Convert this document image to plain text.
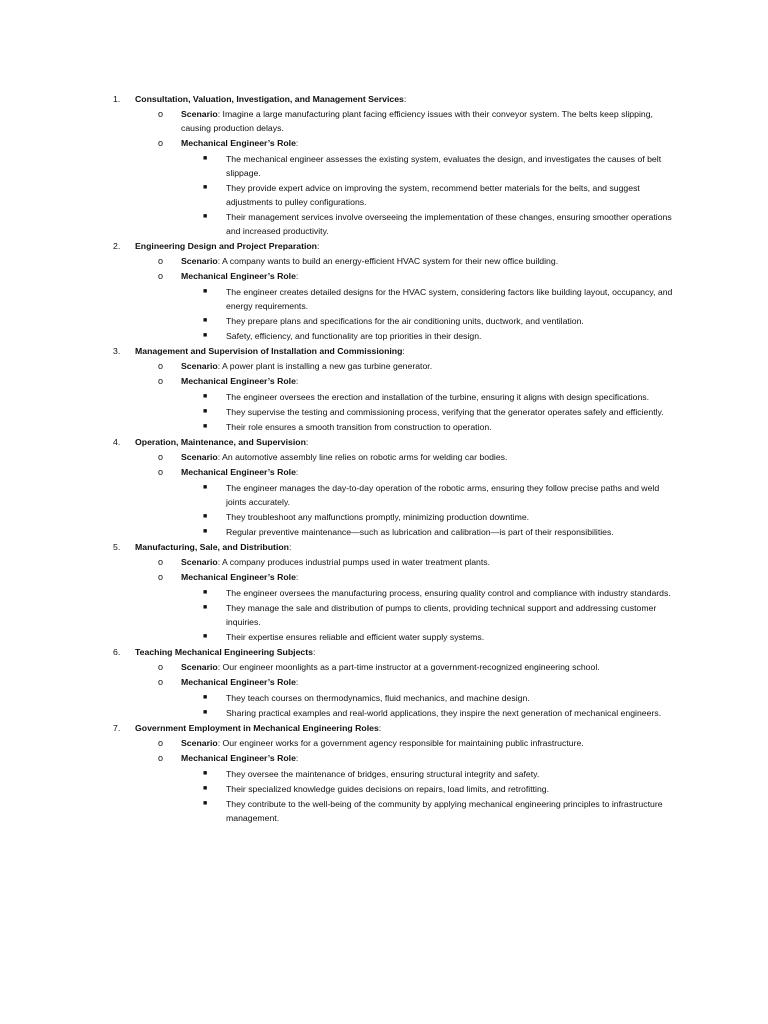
1. Consultation, Valuation, Investigation, and Management Services:
o Scenario: Imagine a large manufacturing plant facing efficiency issues with their conveyor system. The belts keep slipping, causing production delays.
o Mechanical Engineer’s Role:
■ The mechanical engineer assesses the existing system, evaluates the design, and investigates the causes of belt slippage.
■ They provide expert advice on improving the system, recommend better materials for the belts, and suggest adjustments to pulley configurations.
■ Their management services involve overseeing the implementation of these changes, ensuring smoother operations and increased productivity.
2. Engineering Design and Project Preparation:
o Scenario: A company wants to build an energy-efficient HVAC system for their new office building.
o Mechanical Engineer’s Role:
■ The engineer creates detailed designs for the HVAC system, considering factors like building layout, occupancy, and energy requirements.
■ They prepare plans and specifications for the air conditioning units, ductwork, and ventilation.
■ Safety, efficiency, and functionality are top priorities in their design.
3. Management and Supervision of Installation and Commissioning:
o Scenario: A power plant is installing a new gas turbine generator.
o Mechanical Engineer’s Role:
■ The engineer oversees the erection and installation of the turbine, ensuring it aligns with design specifications.
■ They supervise the testing and commissioning process, verifying that the generator operates safely and efficiently.
■ Their role ensures a smooth transition from construction to operation.
4. Operation, Maintenance, and Supervision:
o Scenario: An automotive assembly line relies on robotic arms for welding car bodies.
o Mechanical Engineer’s Role:
■ The engineer manages the day-to-day operation of the robotic arms, ensuring they follow precise paths and weld joints accurately.
■ They troubleshoot any malfunctions promptly, minimizing production downtime.
■ Regular preventive maintenance—such as lubrication and calibration—is part of their responsibilities.
5. Manufacturing, Sale, and Distribution:
o Scenario: A company produces industrial pumps used in water treatment plants.
o Mechanical Engineer’s Role:
■ The engineer oversees the manufacturing process, ensuring quality control and compliance with industry standards.
■ They manage the sale and distribution of pumps to clients, providing technical support and addressing customer inquiries.
■ Their expertise ensures reliable and efficient water supply systems.
6. Teaching Mechanical Engineering Subjects:
o Scenario: Our engineer moonlights as a part-time instructor at a government-recognized engineering school.
o Mechanical Engineer’s Role:
■ They teach courses on thermodynamics, fluid mechanics, and machine design.
■ Sharing practical examples and real-world applications, they inspire the next generation of mechanical engineers.
7. Government Employment in Mechanical Engineering Roles:
o Scenario: Our engineer works for a government agency responsible for maintaining public infrastructure.
o Mechanical Engineer’s Role:
■ They oversee the maintenance of bridges, ensuring structural integrity and safety.
■ Their specialized knowledge guides decisions on repairs, load limits, and retrofitting.
■ They contribute to the well-being of the community by applying mechanical engineering principles to infrastructure management.
